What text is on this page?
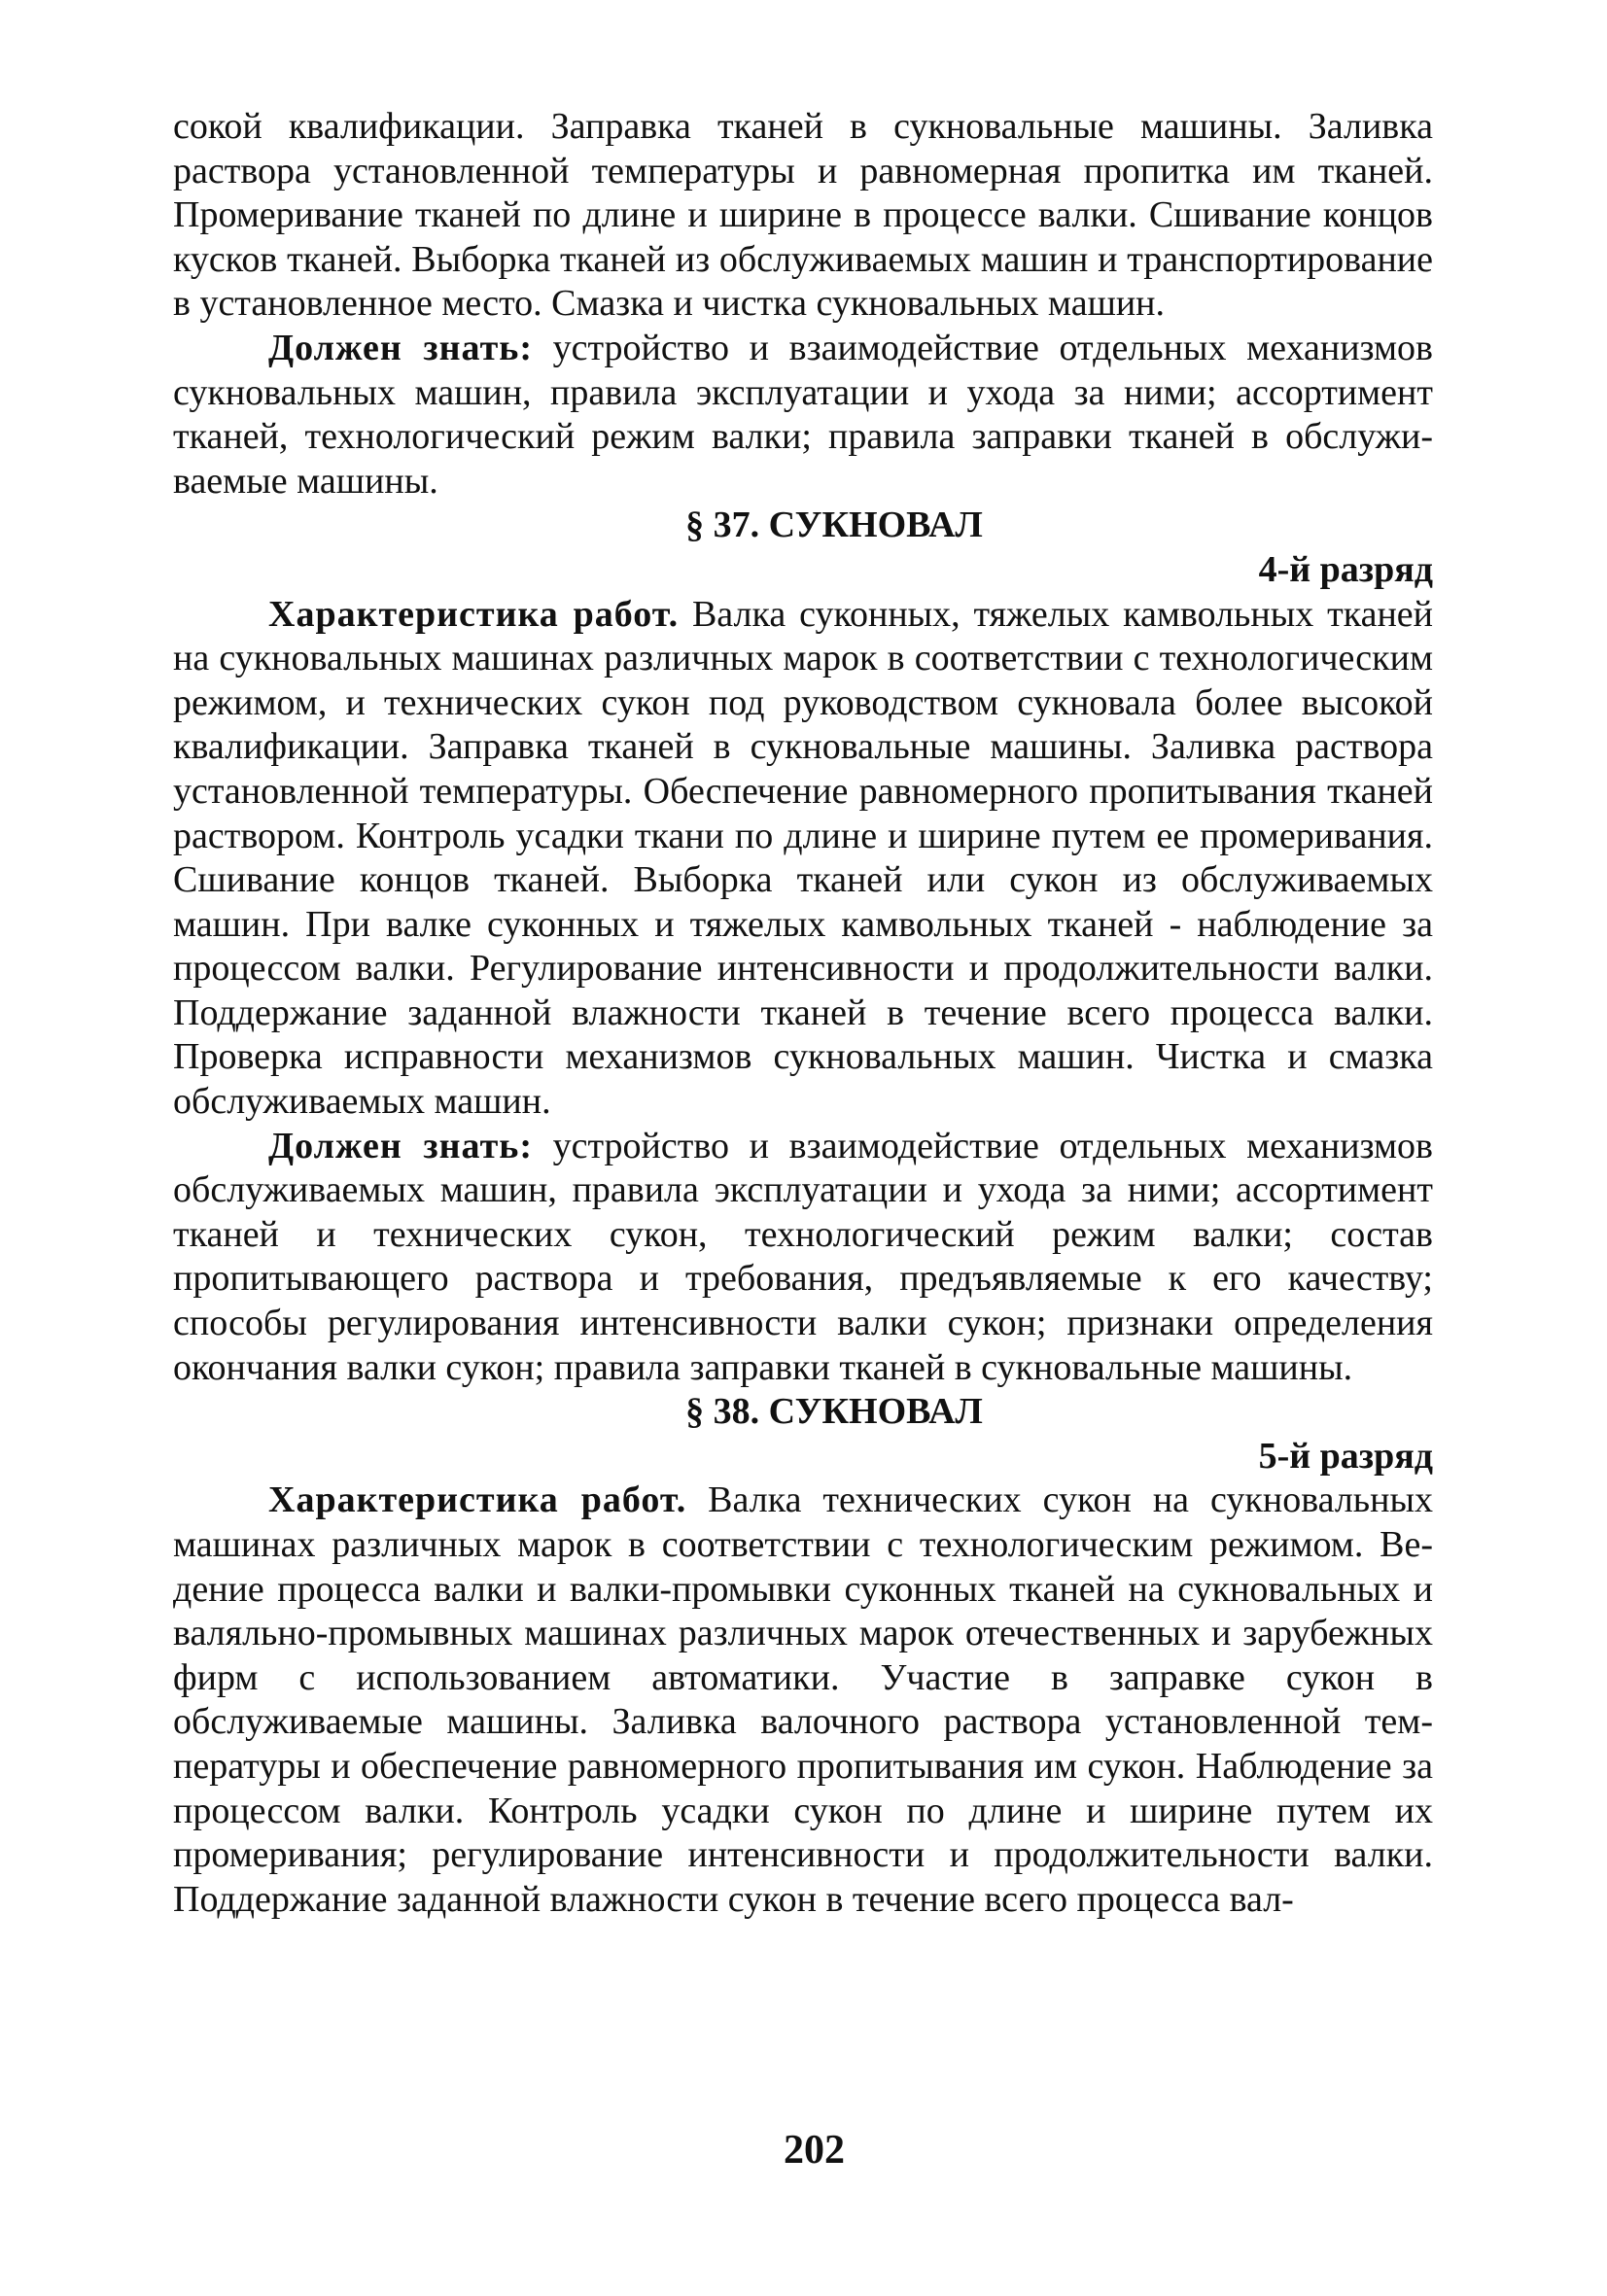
сокой квалификации. Заправка тканей в сукновальные машины. Заливка раствора установленной температуры и равномерная пропитка им тканей. Промеривание тканей по длине и ширине в процессе валки. Сшивание концов кусков тканей. Выборка тканей из обслуживаемых машин и транспортирование в установленное место. Смазка и чистка сукновальных машин.

Должен знать: устройство и взаимодействие отдельных механизмов сукновальных машин, правила эксплуатации и ухода за ними; ассортимент тканей, технологический режим валки; правила заправки тканей в обслуживаемые машины.

§ 37. СУКНОВАЛ

4-й разряд

Характеристика работ. Валка суконных, тяжелых камвольных тканей на сукновальных машинах различных марок в соответствии с технологическим режимом, и технических сукон под руководством сукновала более высокой квалификации. Заправка тканей в сукновальные машины. Заливка раствора установленной температуры. Обеспечение равномерного пропитывания тканей раствором. Контроль усадки ткани по длине и ширине путем ее промеривания. Сшивание концов тканей. Выборка тканей или сукон из обслуживаемых машин. При валке суконных и тяжелых камвольных тканей - наблюдение за процессом валки. Регулирование интенсивности и продолжительности валки. Поддержание заданной влажности тканей в течение всего процесса валки. Проверка исправности механизмов сукновальных машин. Чистка и смазка обслуживаемых машин.

Должен знать: устройство и взаимодействие отдельных механизмов обслуживаемых машин, правила эксплуатации и ухода за ними; ассортимент тканей и технических сукон, технологический режим валки; состав пропитывающего раствора и требования, предъявляемые к его качеству; способы регулирования интенсивности валки сукон; признаки определения окончания валки сукон; правила заправки тканей в сукновальные машины.

§ 38. СУКНОВАЛ

5-й разряд

Характеристика работ. Валка технических сукон на сукновальных машинах различных марок в соответствии с технологическим режимом. Ведение процесса валки и валки-промывки суконных тканей на сукновальных и валяльно-промывных машинах различных марок отечественных и зарубежных фирм с использованием автоматики. Участие в заправке сукон в обслуживаемые машины. Заливка валочного раствора установленной температуры и обеспечение равномерного пропитывания им сукон. Наблюдение за процессом валки. Контроль усадки сукон по длине и ширине путем их промеривания; регулирование интенсивности и продолжительности валки. Поддержание заданной влажности сукон в течение всего процесса вал-

202
